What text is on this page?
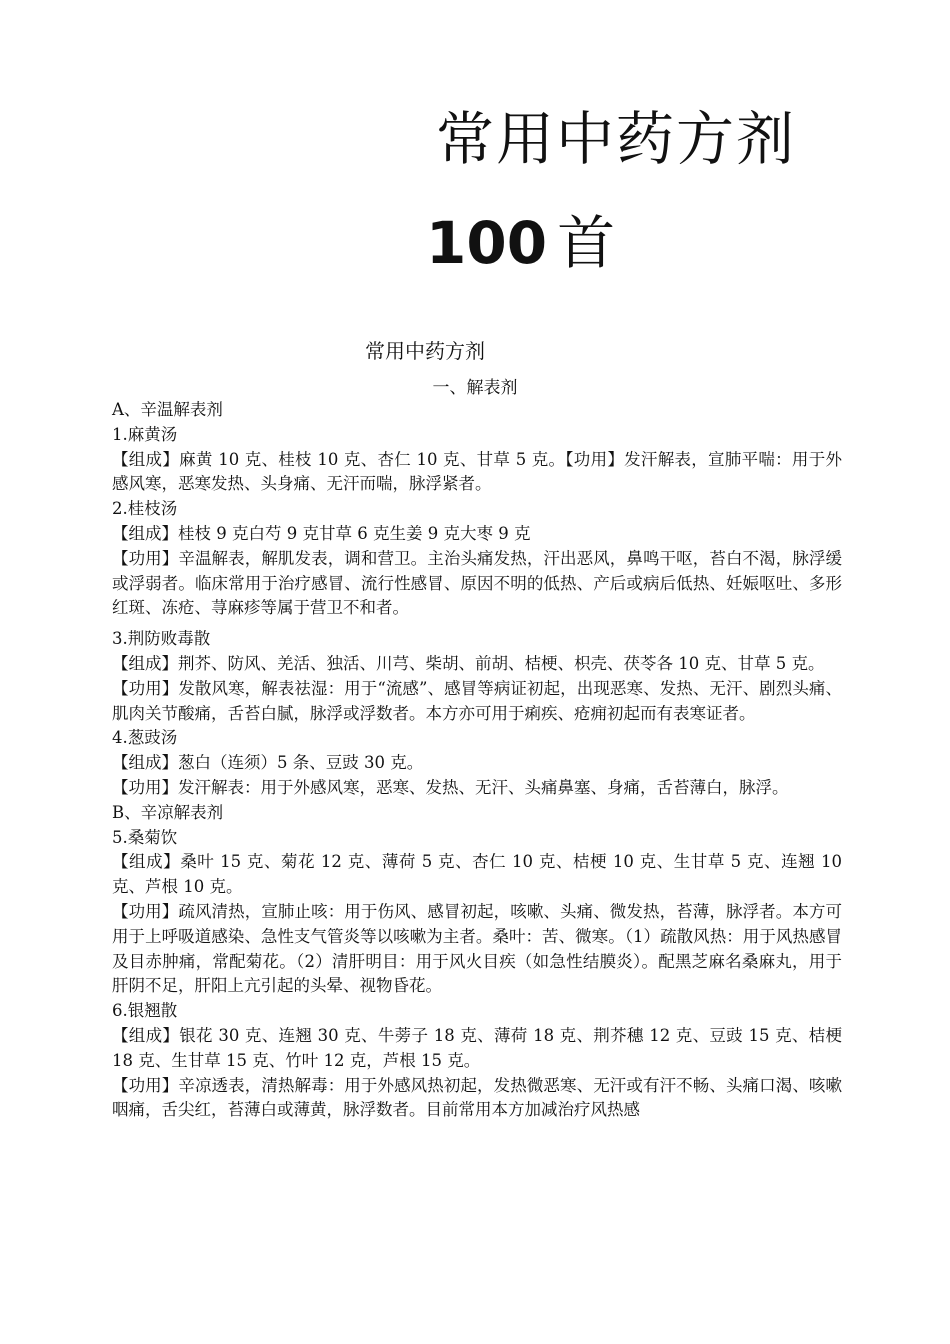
常用中药方剂
100 首
常用中药方剂
一、解表剂

A、辛温解表剂

1.麻黄汤

【组成】麻黄 10 克、桂枝 10 克、杏仁 10 克、甘草 5 克。【功用】发汗解表，宣肺平喘：用于外感风寒，恶寒发热、头身痛、无汗而喘，脉浮紧者。

2.桂枝汤

【组成】桂枝 9 克白芍 9 克甘草 6 克生姜 9 克大枣 9 克

【功用】辛温解表，解肌发表，调和营卫。主治头痛发热，汗出恶风，鼻鸣干呕，苔白不渴，脉浮缓或浮弱者。临床常用于治疗感冒、流行性感冒、原因不明的低热、产后或病后低热、妊娠呕吐、多形红斑、冻疮、荨麻疹等属于营卫不和者。

3.荆防败毒散

【组成】荆芥、防风、羌活、独活、川芎、柴胡、前胡、桔梗、枳壳、茯苓各 10 克、甘草 5 克。

【功用】发散风寒，解表祛湿：用于“流感”、感冒等病证初起，出现恶寒、发热、无汗、剧烈头痛、肌肉关节酸痛，舌苔白腻，脉浮或浮数者。本方亦可用于痢疾、疮痈初起而有表寒证者。

4.葱豉汤

【组成】葱白（连须）5 条、豆豉 30 克。

【功用】发汗解表：用于外感风寒，恶寒、发热、无汗、头痛鼻塞、身痛，舌苔薄白，脉浮。

B、辛凉解表剂

5.桑菊饮

【组成】桑叶 15 克、菊花 12 克、薄荷 5 克、杏仁 10 克、桔梗 10 克、生甘草 5 克、连翘 10 克、芦根 10 克。

【功用】疏风清热，宣肺止咳：用于伤风、感冒初起，咳嗽、头痛、微发热，苔薄，脉浮者。本方可用于上呼吸道感染、急性支气管炎等以咳嗽为主者。桑叶：苦、微寒。（1）疏散风热：用于风热感冒及目赤肿痛，常配菊花。（2）清肝明目：用于风火目疾（如急性结膜炎）。配黑芝麻名桑麻丸，用于肝阴不足，肝阳上亢引起的头晕、视物昏花。

6.银翘散

【组成】银花 30 克、连翘 30 克、牛蒡子 18 克、薄荷 18 克、荆芥穗 12 克、豆豉 15 克、桔梗 18 克、生甘草 15 克、竹叶 12 克，芦根 15 克。

【功用】辛凉透表，清热解毒：用于外感风热初起，发热微恶寒、无汗或有汗不畅、头痛口渴、咳嗽咽痛，舌尖红，苔薄白或薄黄，脉浮数者。目前常用本方加减治疗风热感
